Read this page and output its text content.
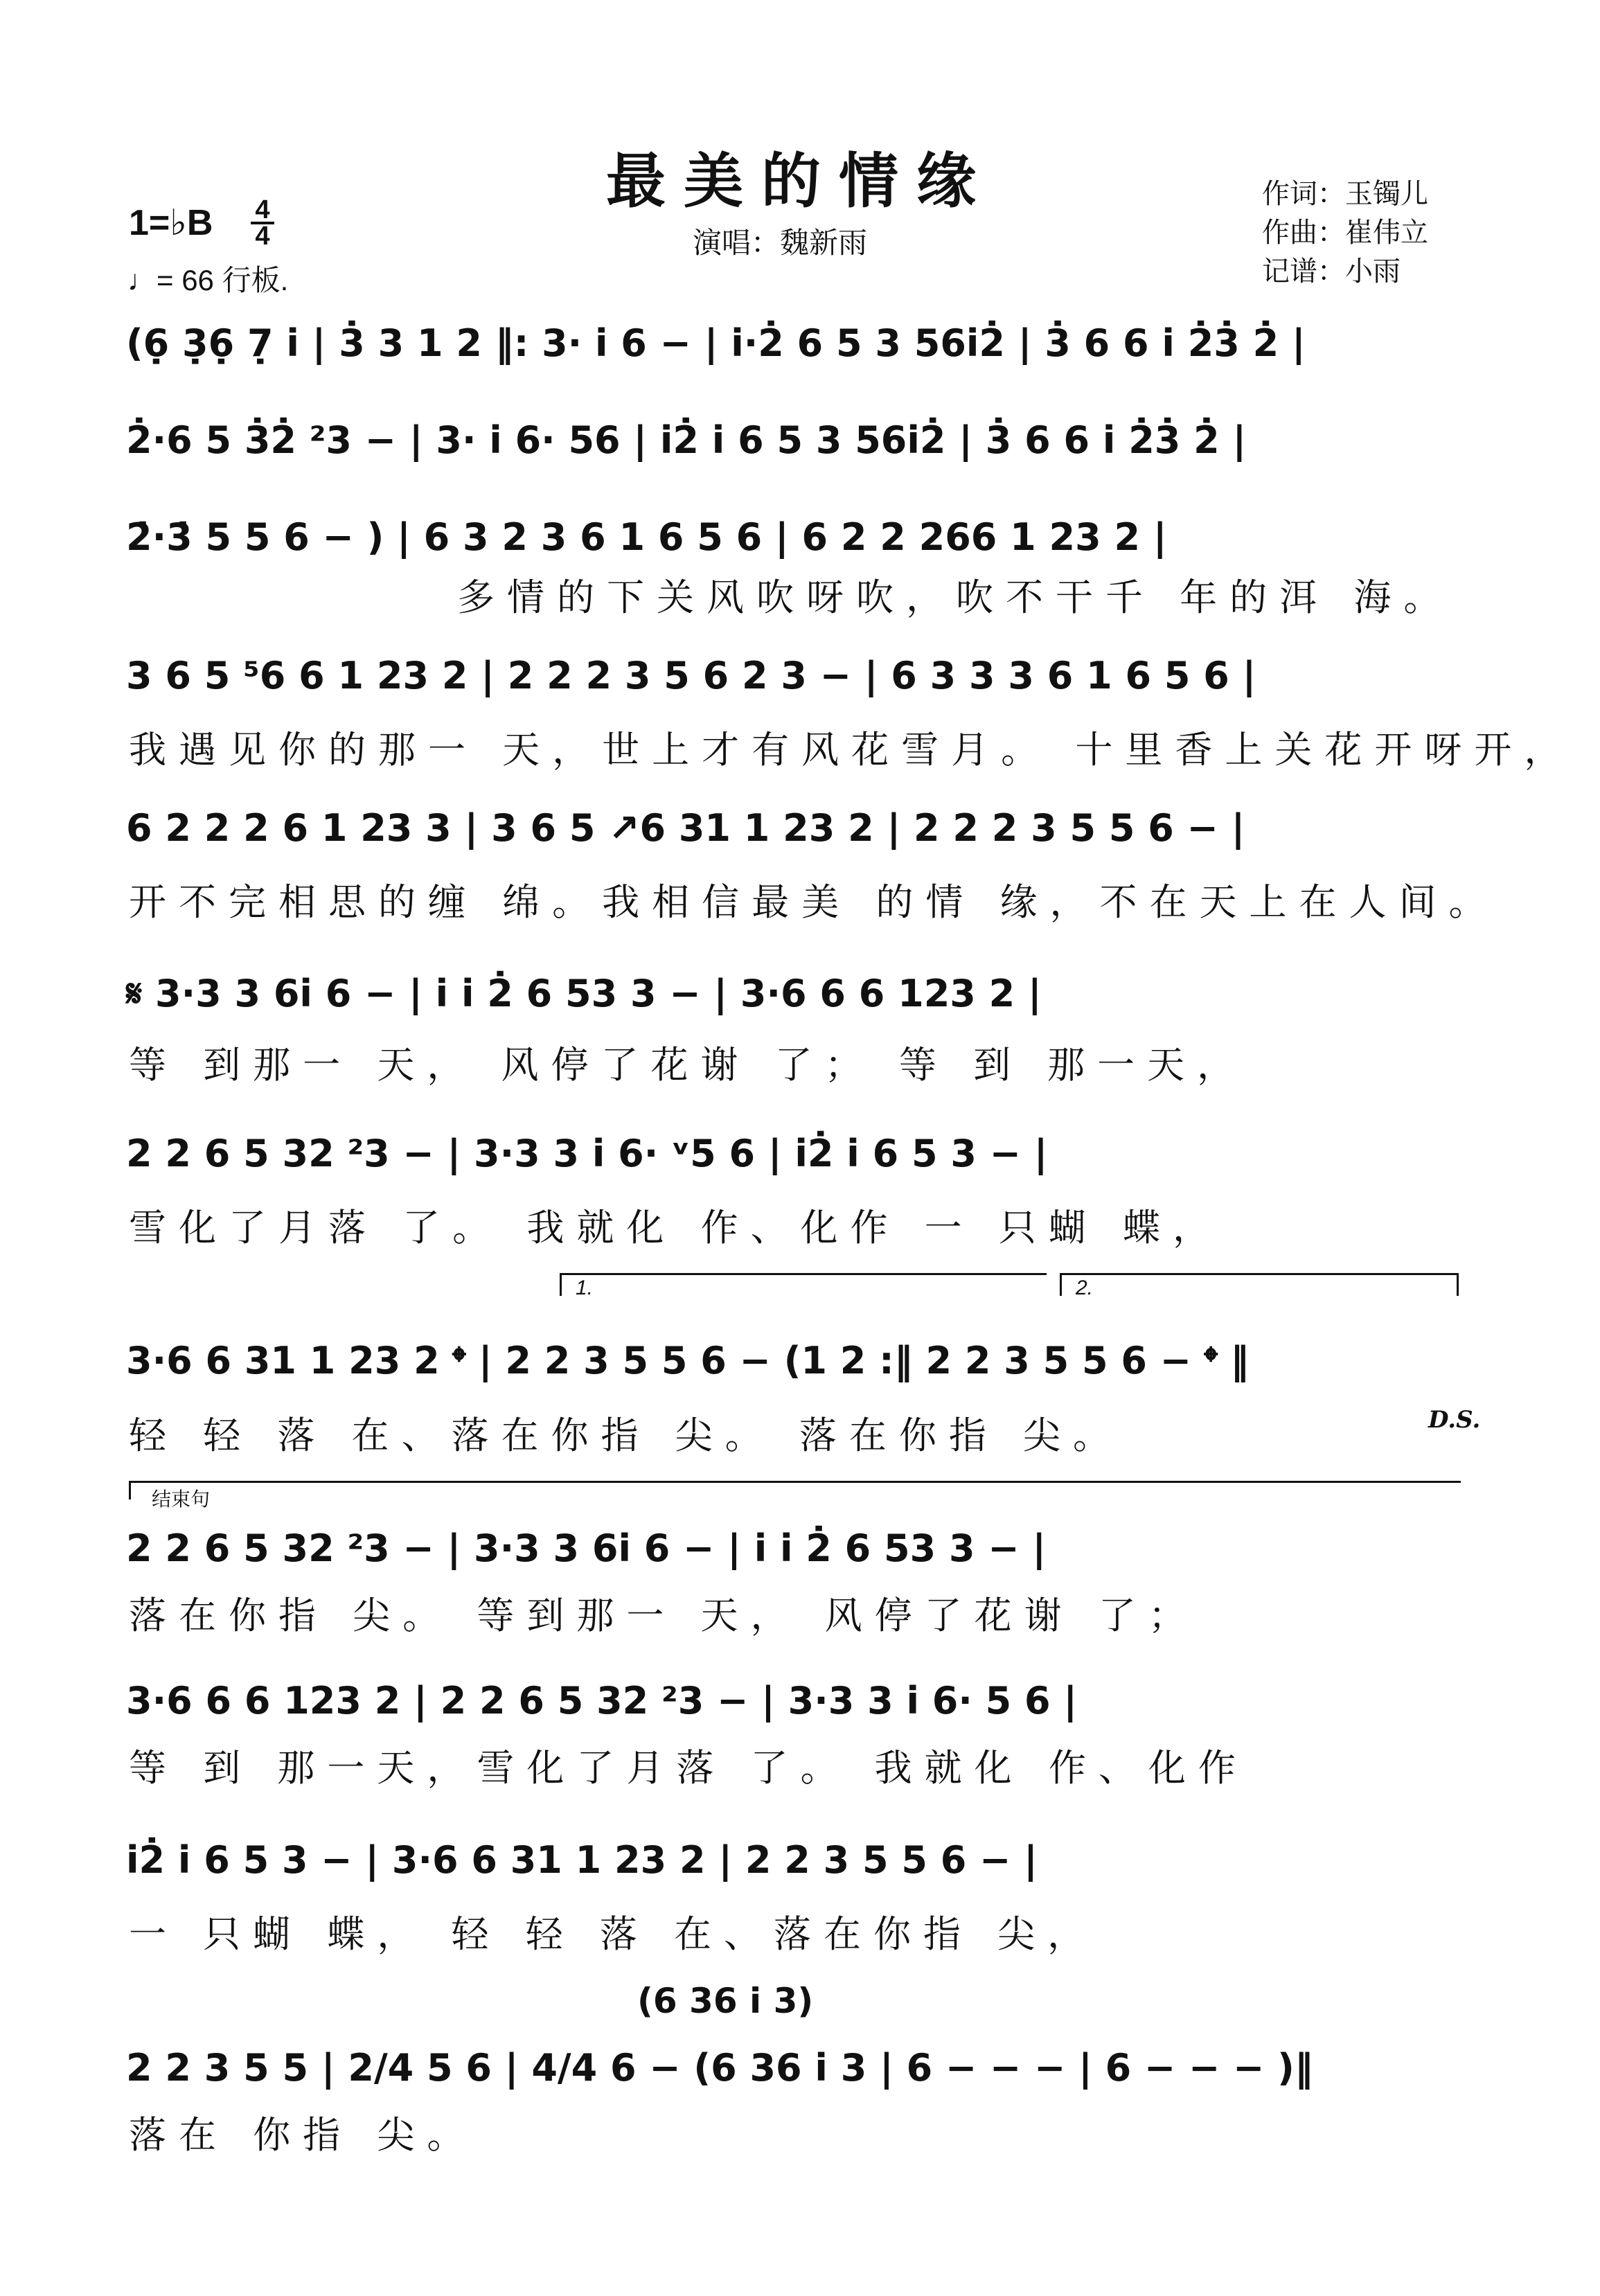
最美的情缘
演唱：魏新雨
作词：玉镯儿
作曲：崔伟立
记谱：小雨
1=♭B 4
4
♩= 66 行板.
(6̣ 3̣6̣ 7̣ i | 3̇ 3 1 2 ‖: 3· i 6 − | i·2̇ 6 5 3 56i2̇ | 3̇ 6 6 i 2̇3̇ 2̇ |
2̇·6 5 3̇2̇ ²3 − | 3· i 6· 56 | i2̇ i 6 5 3 56i2̇ | 3̇ 6 6 i 2̇3̇ 2̇ |
2̇·3̇ 5 5 6 − ) | 6 3 2 3 6 1 6 5 6 | 6 2 2 266 1 23 2 |
多情的下关风吹呀吹，吹不干千 年的洱 海。
3 6 5 ⁵6 6 1 23 2 | 2 2 2 3 5 6 2 3 − | 6 3 3 3 6 1 6 5 6 |
我遇见你的那一 天，世上才有风花雪月。 十里香上关花开呀开，
6 2 2 2 6 1 23 3 | 3 6 5 ↗6 31 1 23 2 | 2 2 2 3 5 5 6 − |
开不完相思的缠 绵。我相信最美 的情 缘，不在天上在人间。
𝄋 3·3 3 6i 6 − | i i 2̇ 6 53 3 − | 3·6 6 6 123 2 |
等 到那一 天， 风停了花谢 了； 等 到 那一天，
2 2 6 5 32 ²3 − | 3·3 3 i 6· ᵛ5 6 | i2̇ i 6 5 3 − |
雪化了月落 了。 我就化 作、化作 一 只蝴 蝶，
1.	2.
3·6 6 31 1 23 2 𝄌 | 2 2 3 5 5 6 − (1 2 :‖ 2 2 3 5 5 6 − 𝄌 ‖
轻 轻 落 在、落在你指 尖。 落在你指 尖。	D.S.
结束句
2 2 6 5 32 ²3 − | 3·3 3 6i 6 − | i i 2̇ 6 53 3 − |
落在你指 尖。 等到那一 天， 风停了花谢 了；
3·6 6 6 123 2 | 2 2 6 5 32 ²3 − | 3·3 3 i 6· 5 6 |
等 到 那一天，雪化了月落 了。 我就化 作、化作
i2̇ i 6 5 3 − | 3·6 6 31 1 23 2 | 2 2 3 5 5 6 − |
一 只蝴 蝶， 轻 轻 落 在、落在你指 尖，
(6 36 i 3)
2 2 3 5 5 | 2/4 5 6 | 4/4 6 − (6 36 i 3 | 6 − − − | 6 − − − )‖
落在 你指 尖。
